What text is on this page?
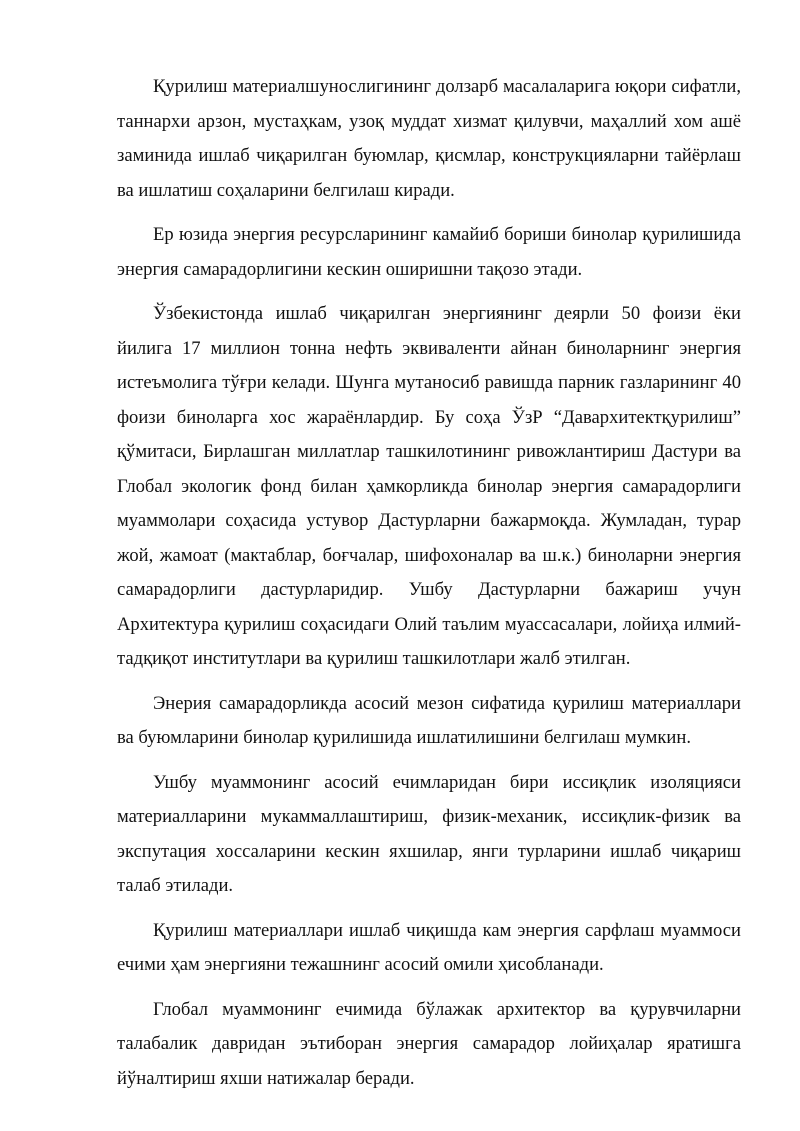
Қурилиш материалшунослигининг долзарб масалаларига юқори сифатли, таннархи арзон, мустаҳкам, узоқ муддат хизмат қилувчи, маҳаллий хом ашё заминида ишлаб чиқарилган буюмлар, қисмлар, конструкцияларни тайёрлаш ва ишлатиш соҳаларини белгилаш киради.

Ер юзида энергия ресурсларининг камайиб бориши бинолар қурилишида энергия самарадорлигини кескин оширишни тақозо этади.

Ўзбекистонда ишлаб чиқарилган энергиянинг деярли 50 фоизи ёки йилига 17 миллион тонна нефть эквиваленти айнан биноларнинг энергия истеъмолига тўғри келади. Шунга мутаносиб равишда парник газларининг 40 фоизи биноларга хос жараёнлардир. Бу соҳа ЎзР “Даварxитектқурилиш” қўмитаси, Бирлашган миллатлар ташкилотининг ривожлантириш Дастури ва Глобал экологик фонд билан ҳамкорликда бинолар энергия самарадорлиги муаммолари соҳасида устувор Дастурларни бажармоқда. Жумладан, турар жой, жамоат (мактаблар, боғчалар, шифохоналар ва ш.к.) биноларни энергия самарадорлиги дастурларидир. Ушбу Дастурларни бажариш учун Архитектура қурилиш соҳасидаги Олий таълим муассасалари, лойиҳа илмий-тадқиқот институтлари ва қурилиш ташкилотлари жалб этилган.

Энерия самарадорликда асосий мезон сифатида қурилиш материаллари ва буюмларини бинолар қурилишида ишлатилишини белгилаш мумкин.

Ушбу муаммонинг асосий ечимларидан бири иссиқлик изоляцияси материалларини мукаммаллаштириш, физик-механик, иссиқлик-физик ва экспутация хоссаларини кескин яхшилар, янги турларини ишлаб чиқариш талаб этилади.

Қурилиш материаллари ишлаб чиқишда кам энергия сарфлаш муаммоси ечими ҳам энергияни тежашнинг асосий омили ҳисобланади.

Глобал муаммонинг ечимида бўлажак архитектор ва қурувчиларни талабалик давридан эътиборан энергия самарадор лойиҳалар яратишга йўналтириш яхши натижалар беради.
